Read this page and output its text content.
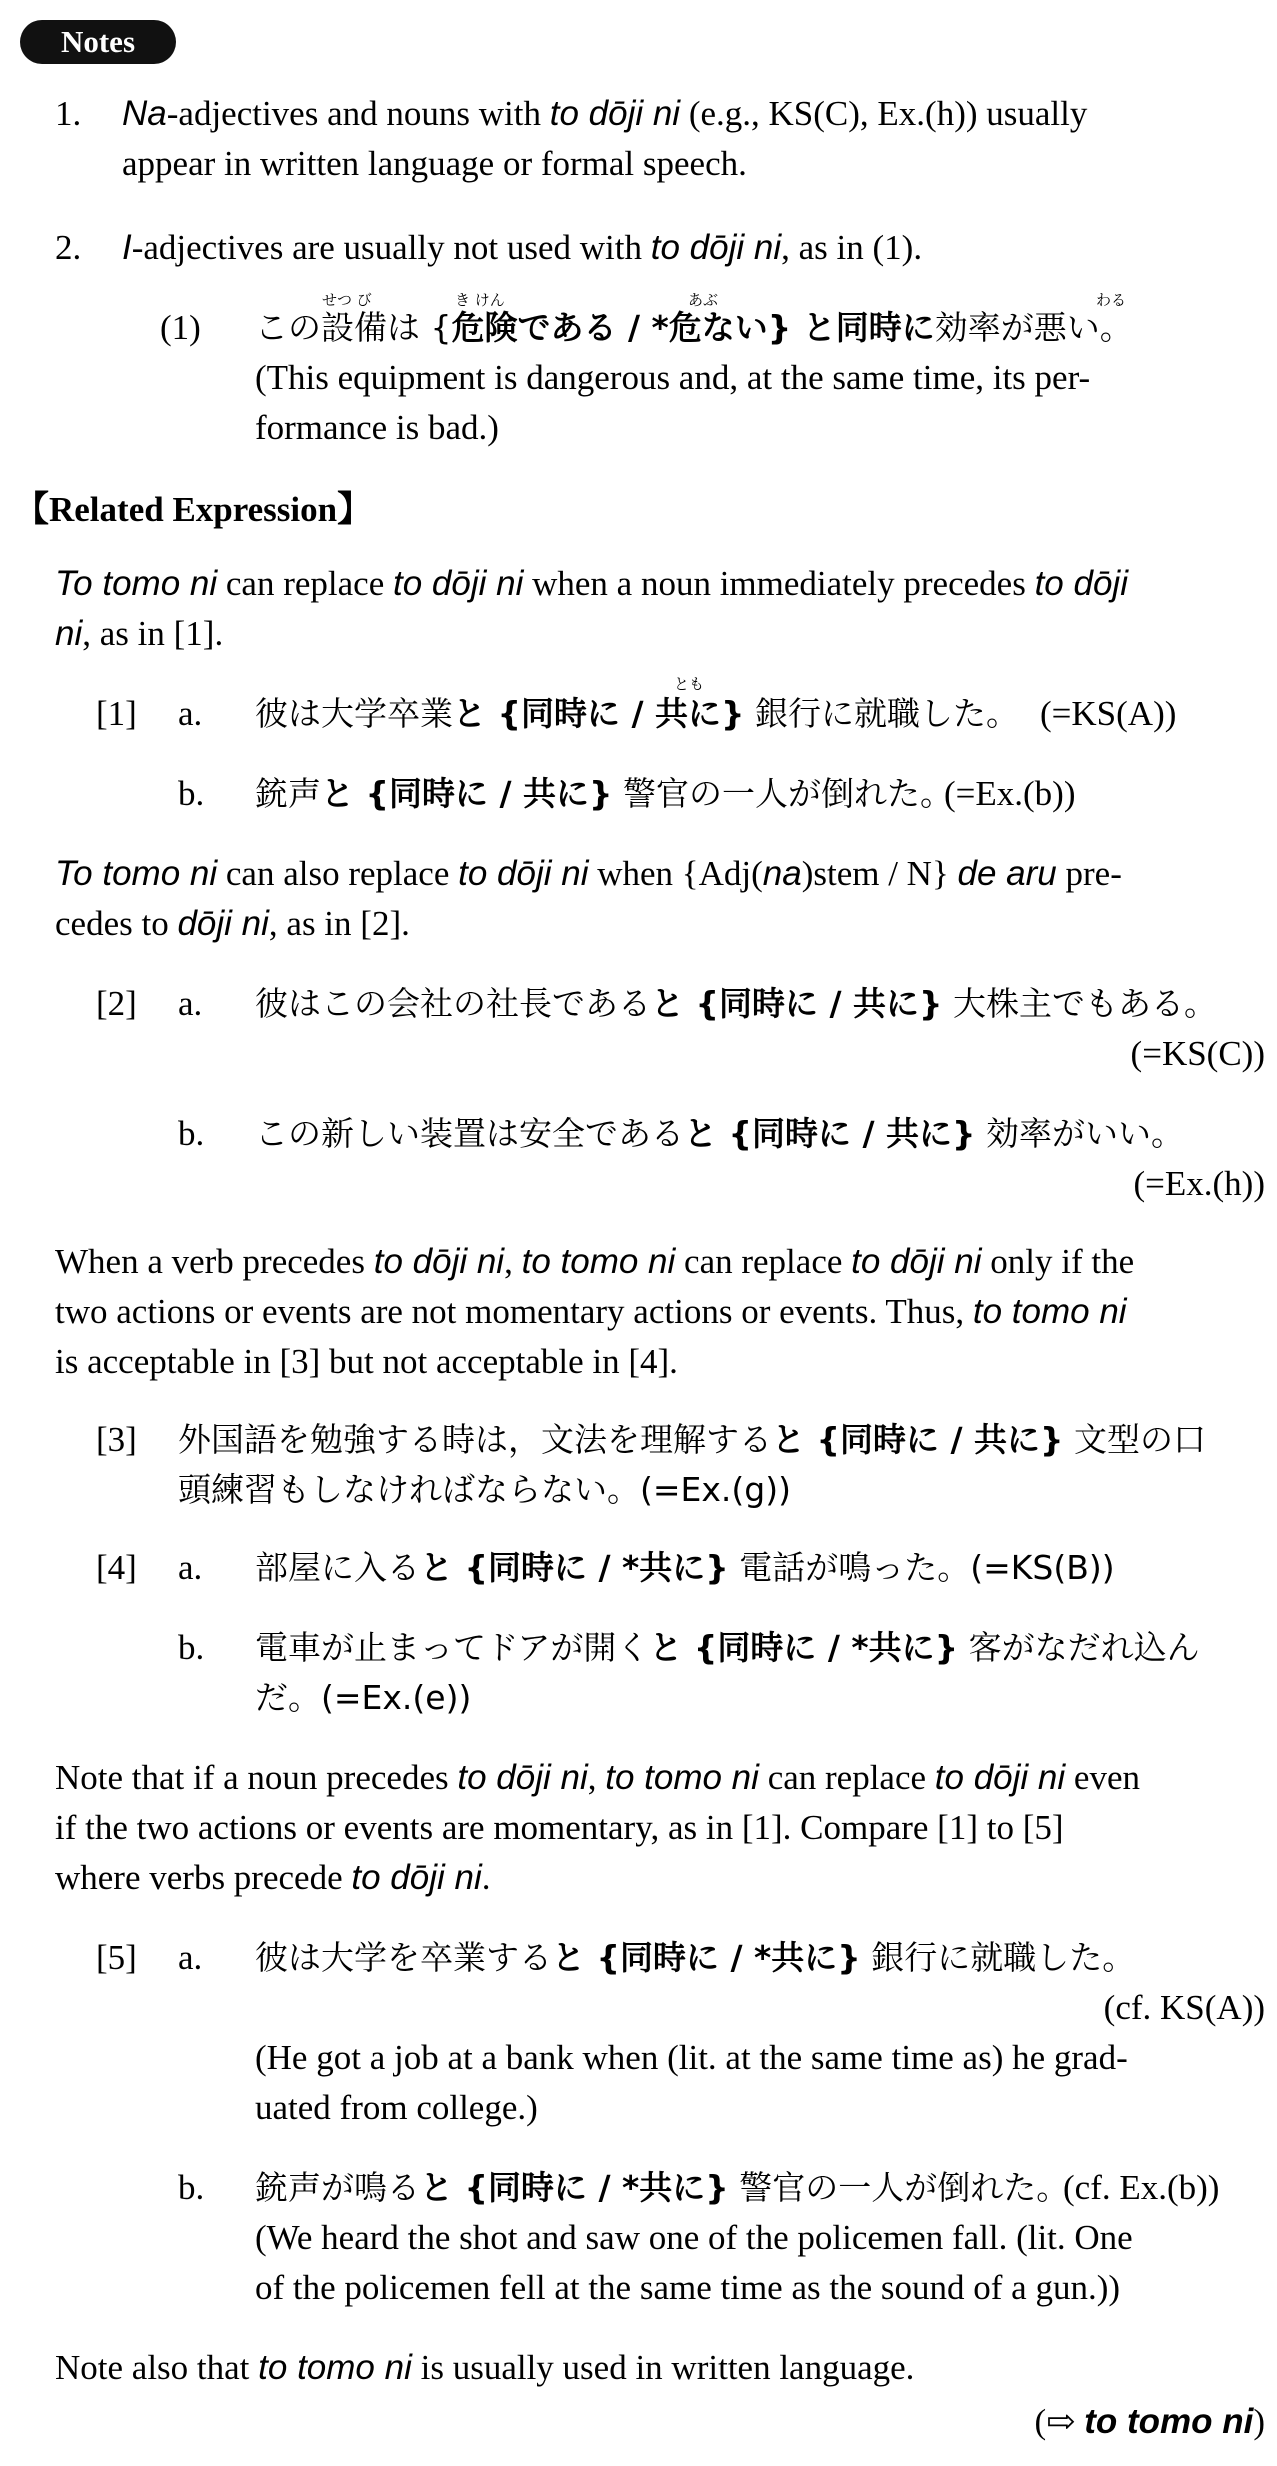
Notes
1. Na-adjectives and nouns with to dōji ni (e.g., KS(C), Ex.(h)) usually
appear in written language or formal speech.
2. I-adjectives are usually not used with to dōji ni, as in (1).
せつ び	き けん	あぶ	わる
(1) この設備は {危険である / *危ない} と同時に効率が悪い。
(This equipment is dangerous and, at the same time, its per-
formance is bad.)
【Related Expression】
To tomo ni can replace to dōji ni when a noun immediately precedes to dōji
ni, as in [1].
とも
[1] a. 彼は大学卒業と {同時に / 共に} 銀行に就職した。 (=KS(A))
b. 銃声と {同時に / 共に} 警官の一人が倒れた。
(=Ex.(b))
To tomo ni can also replace to dōji ni when {Adj(na)stem / N} de aru pre-
cedes to dōji ni, as in [2].
[2] a. 彼はこの会社の社長であると {同時に / 共に} 大株主でもある。
(=KS(C))
b. この新しい装置は安全であると {同時に / 共に} 効率がいい。
(=Ex.(h))
When a verb precedes to dōji ni, to tomo ni can replace to dōji ni only if the
two actions or events are not momentary actions or events. Thus, to tomo ni
is acceptable in [3] but not acceptable in [4].
[3] 外国語を勉強する時は，文法を理解すると {同時に / 共に} 文型の口
頭練習もしなければならない。(=Ex.(g))
[4] a. 部屋に入ると {同時に / *共に} 電話が鳴った。(=KS(B))
b. 電車が止まってドアが開くと {同時に / *共に} 客がなだれ込ん
だ。(=Ex.(e))
Note that if a noun precedes to dōji ni, to tomo ni can replace to dōji ni even
if the two actions or events are momentary, as in [1]. Compare [1] to [5]
where verbs precede to dōji ni.
[5] a. 彼は大学を卒業すると {同時に / *共に} 銀行に就職した。
(cf. KS(A))
(He got a job at a bank when (lit. at the same time as) he grad-
uated from college.)
b. 銃声が鳴ると {同時に / *共に} 警官の一人が倒れた。
(cf. Ex.(b))
(We heard the shot and saw one of the policemen fall. (lit. One
of the policemen fell at the same time as the sound of a gun.))
Note also that to tomo ni is usually used in written language.
(⇨ to tomo ni)
